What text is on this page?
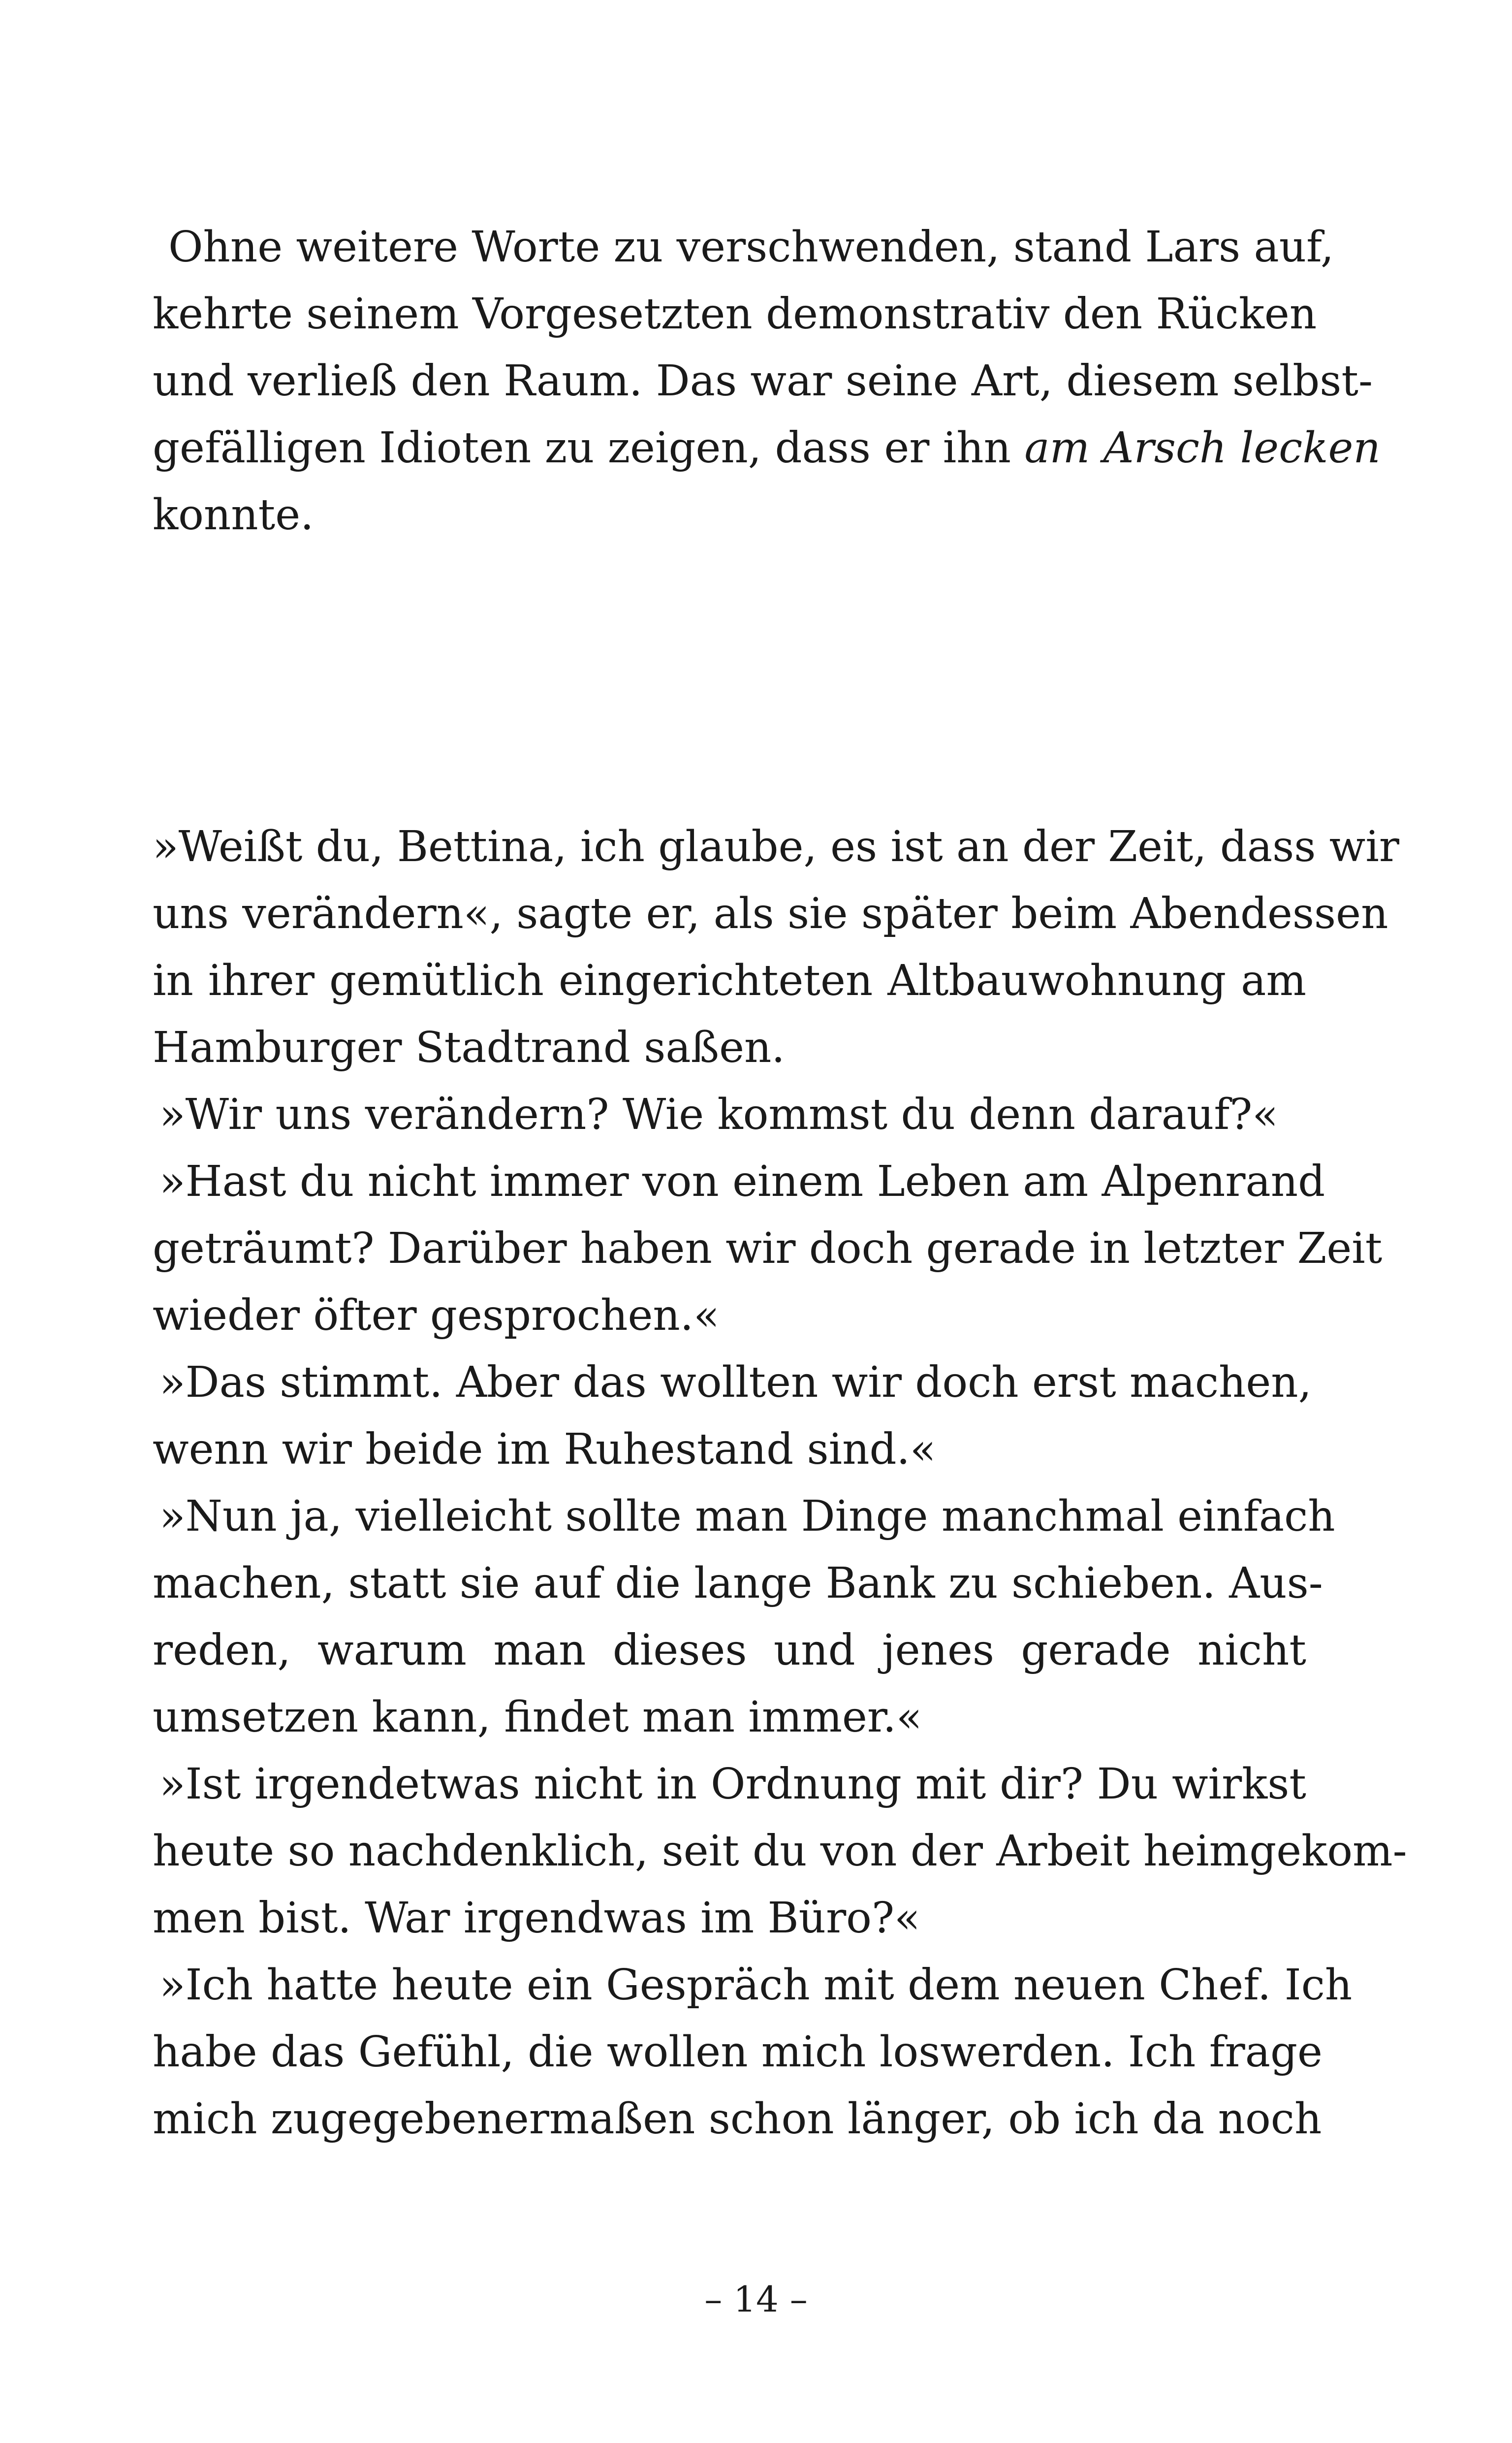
Ohne weitere Worte zu verschwenden, stand Lars auf,
kehrte seinem Vorgesetzten demonstrativ den Rücken
und verließ den Raum. Das war seine Art, diesem selbst-
gefälligen Idioten zu zeigen, dass er ihn am Arsch lecken
konnte.
»Weißt du, Bettina, ich glaube, es ist an der Zeit, dass wir
uns verändern«, sagte er, als sie später beim Abendessen
in ihrer gemütlich eingerichteten Altbauwohnung am
Hamburger Stadtrand saßen.
»Wir uns verändern? Wie kommst du denn darauf?«
»Hast du nicht immer von einem Leben am Alpenrand
geträumt? Darüber haben wir doch gerade in letzter Zeit
wieder öfter gesprochen.«
»Das stimmt. Aber das wollten wir doch erst machen,
wenn wir beide im Ruhestand sind.«
»Nun ja, vielleicht sollte man Dinge manchmal einfach
machen, statt sie auf die lange Bank zu schieben. Aus-
reden, warum man dieses und jenes gerade nicht
umsetzen kann, findet man immer.«
»Ist irgendetwas nicht in Ordnung mit dir? Du wirkst
heute so nachdenklich, seit du von der Arbeit heimgekom-
men bist. War irgendwas im Büro?«
»Ich hatte heute ein Gespräch mit dem neuen Chef. Ich
habe das Gefühl, die wollen mich loswerden. Ich frage
mich zugegebenermaßen schon länger, ob ich da noch
– 14 –
